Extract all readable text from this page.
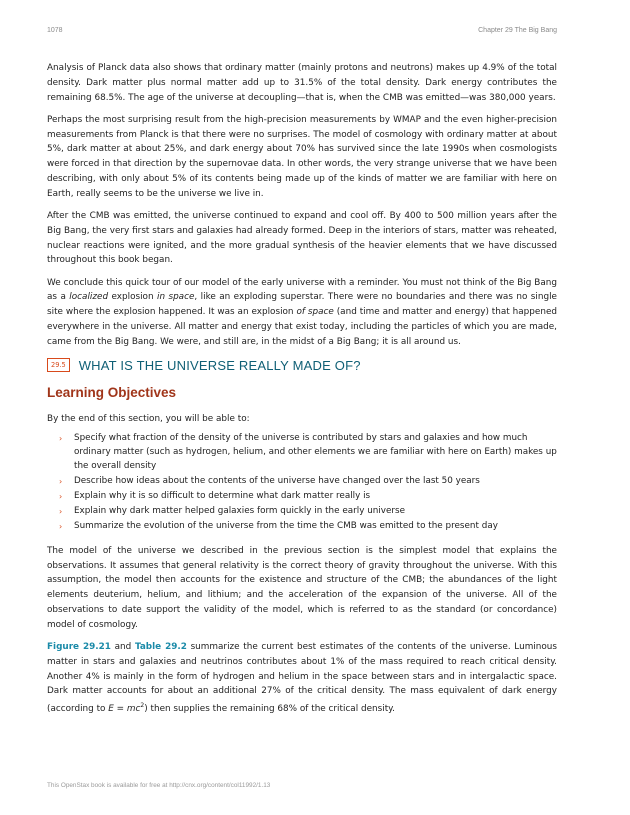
1078	Chapter 29 The Big Bang

Analysis of Planck data also shows that ordinary matter (mainly protons and neutrons) makes up 4.9% of the total density. Dark matter plus normal matter add up to 31.5% of the total density. Dark energy contributes the remaining 68.5%. The age of the universe at decoupling—that is, when the CMB was emitted—was 380,000 years.

Perhaps the most surprising result from the high-precision measurements by WMAP and the even higher-precision measurements from Planck is that there were no surprises. The model of cosmology with ordinary matter at about 5%, dark matter at about 25%, and dark energy about 70% has survived since the late 1990s when cosmologists were forced in that direction by the supernovae data. In other words, the very strange universe that we have been describing, with only about 5% of its contents being made up of the kinds of matter we are familiar with here on Earth, really seems to be the universe we live in.

After the CMB was emitted, the universe continued to expand and cool off. By 400 to 500 million years after the Big Bang, the very first stars and galaxies had already formed. Deep in the interiors of stars, matter was reheated, nuclear reactions were ignited, and the more gradual synthesis of the heavier elements that we have discussed throughout this book began.

We conclude this quick tour of our model of the early universe with a reminder. You must not think of the Big Bang as a localized explosion in space, like an exploding superstar. There were no boundaries and there was no single site where the explosion happened. It was an explosion of space (and time and matter and energy) that happened everywhere in the universe. All matter and energy that exist today, including the particles of which you are made, came from the Big Bang. We were, and still are, in the midst of a Big Bang; it is all around us.

29.5	WHAT IS THE UNIVERSE REALLY MADE OF?
Learning Objectives

By the end of this section, you will be able to:

› Specify what fraction of the density of the universe is contributed by stars and galaxies and how much ordinary matter (such as hydrogen, helium, and other elements we are familiar with here on Earth) makes up the overall density
› Describe how ideas about the contents of the universe have changed over the last 50 years
› Explain why it is so difficult to determine what dark matter really is
› Explain why dark matter helped galaxies form quickly in the early universe
› Summarize the evolution of the universe from the time the CMB was emitted to the present day

The model of the universe we described in the previous section is the simplest model that explains the observations. It assumes that general relativity is the correct theory of gravity throughout the universe. With this assumption, the model then accounts for the existence and structure of the CMB; the abundances of the light elements deuterium, helium, and lithium; and the acceleration of the expansion of the universe. All of the observations to date support the validity of the model, which is referred to as the standard (or concordance) model of cosmology.

Figure 29.21 and Table 29.2 summarize the current best estimates of the contents of the universe. Luminous matter in stars and galaxies and neutrinos contributes about 1% of the mass required to reach critical density. Another 4% is mainly in the form of hydrogen and helium in the space between stars and in intergalactic space. Dark matter accounts for about an additional 27% of the critical density. The mass equivalent of dark energy (according to $E = mc^2$) then supplies the remaining 68% of the critical density.

This OpenStax book is available for free at http://cnx.org/content/col11992/1.13
